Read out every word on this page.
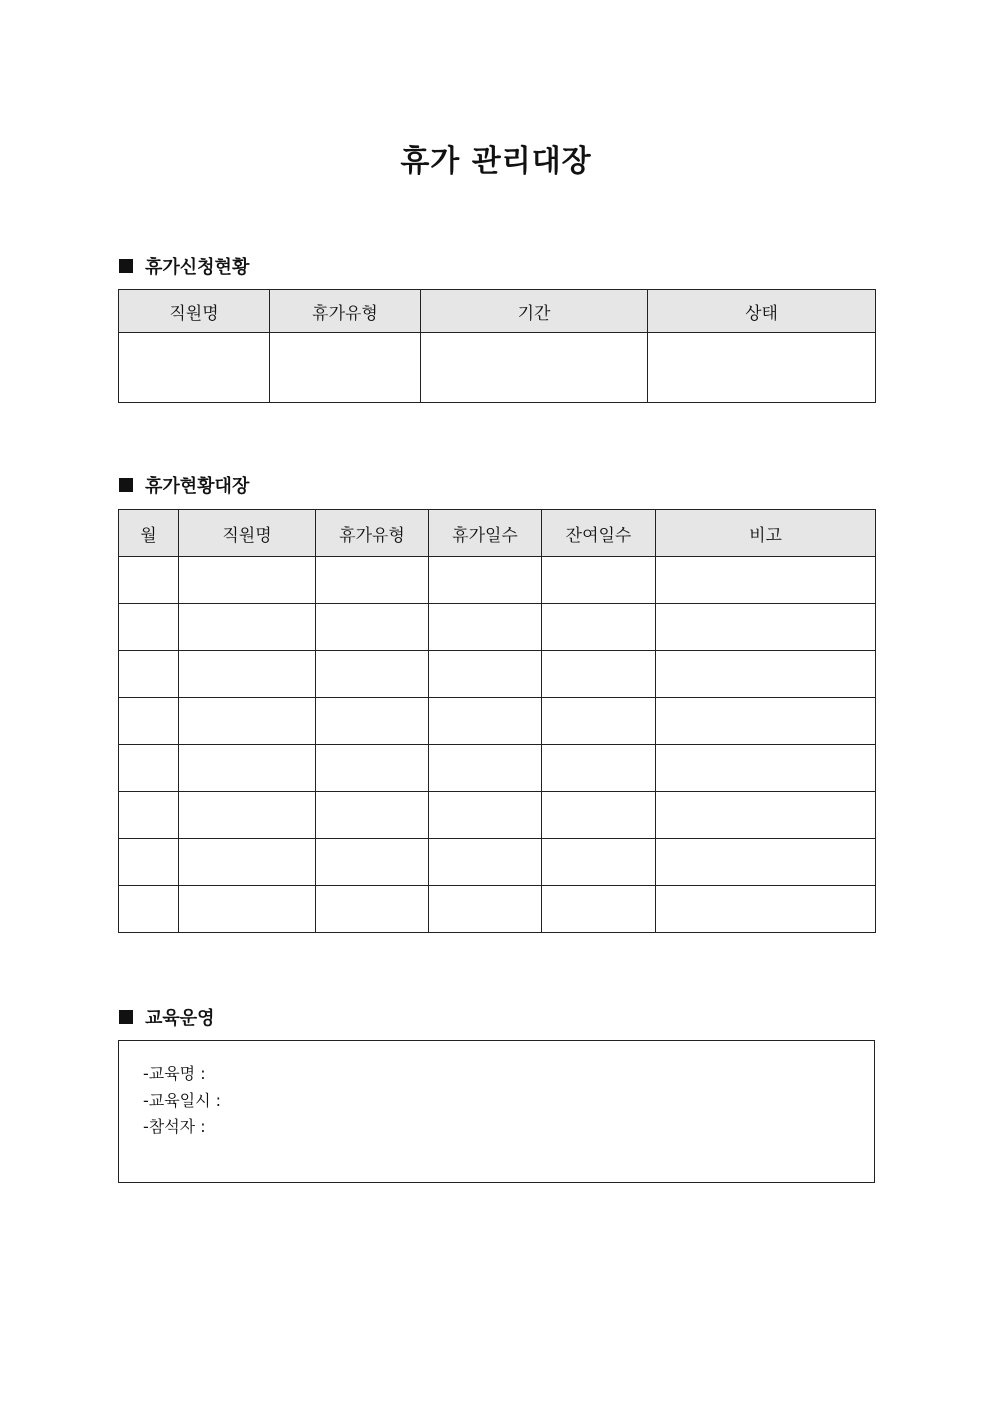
휴가 관리대장
휴가신청현황
직원명	휴가유형	기간	상태

휴가현황대장
월	직원명	휴가유형	휴가일수	잔여일수	비고

교육운영
-교육명 :
-교육일시 :
-참석자 :
